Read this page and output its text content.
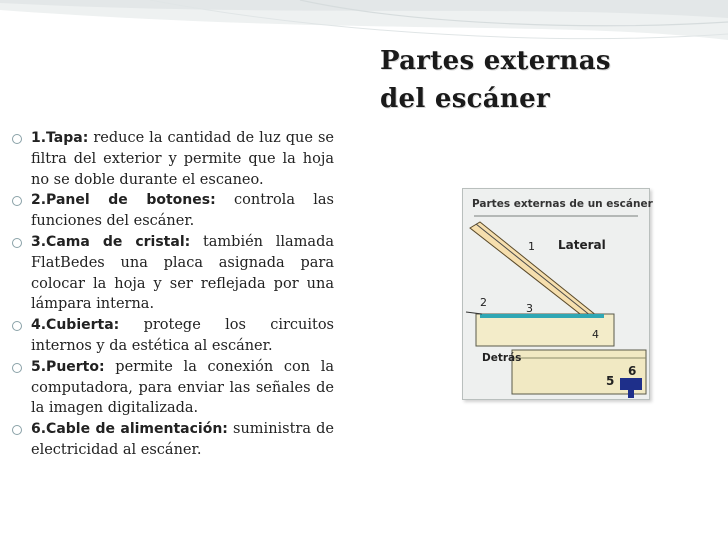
Partes externas
del escáner
1.Tapa: reduce la cantidad de luz que se filtra del exterior y permite que la hoja no se doble durante el escaneo.
2.Panel de botones: controla las funciones del escáner.
3.Cama de cristal: también llamada FlatBedes una placa asignada para colocar la hoja y ser reflejada por una lámpara interna.
4.Cubierta: protege los circuitos internos y da estética al escáner.
5.Puerto: permite la conexión con la computadora, para enviar las señales de la imagen digitalizada.
6.Cable de alimentación: suministra de electricidad al escáner.
Partes externas de un escáner
1 Lateral
2	3
4
Detrás
5
6
